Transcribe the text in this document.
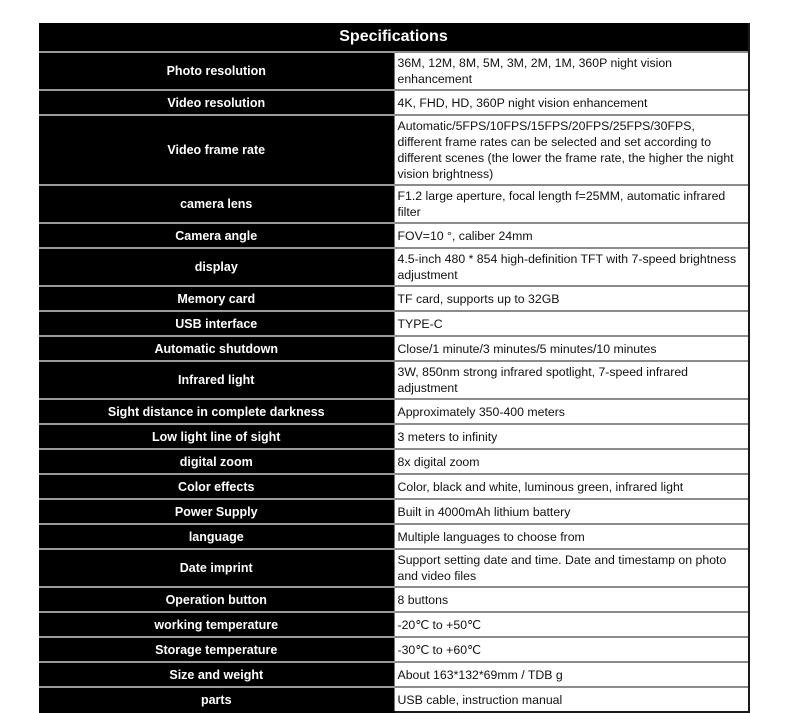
Specifications	
Photo resolution	36M, 12M, 8M, 5M, 3M, 2M, 1M, 360P night vision enhancement
Video resolution	4K, FHD, HD, 360P night vision enhancement
Video frame rate	Automatic/5FPS/10FPS/15FPS/20FPS/25FPS/30FPS, different frame rates can be selected and set according to different scenes (the lower the frame rate, the higher the night vision brightness)
camera lens	F1.2 large aperture, focal length f=25MM, automatic infrared filter
Camera angle	FOV=10 °, caliber 24mm
display	4.5-inch 480 * 854 high-definition TFT with 7-speed brightness adjustment
Memory card	TF card, supports up to 32GB
USB interface	TYPE-C
Automatic shutdown	Close/1 minute/3 minutes/5 minutes/10 minutes
Infrared light	3W, 850nm strong infrared spotlight, 7-speed infrared adjustment
Sight distance in complete darkness	Approximately 350-400 meters
Low light line of sight	3 meters to infinity
digital zoom	8x digital zoom
Color effects	Color, black and white, luminous green, infrared light
Power Supply	Built in 4000mAh lithium battery
language	Multiple languages to choose from
Date imprint	Support setting date and time. Date and timestamp on photo and video files
Operation button	8 buttons
working temperature	-20℃ to +50℃
Storage temperature	-30℃ to +60℃
Size and weight	About 163*132*69mm / TDB g
parts	USB cable, instruction manual
